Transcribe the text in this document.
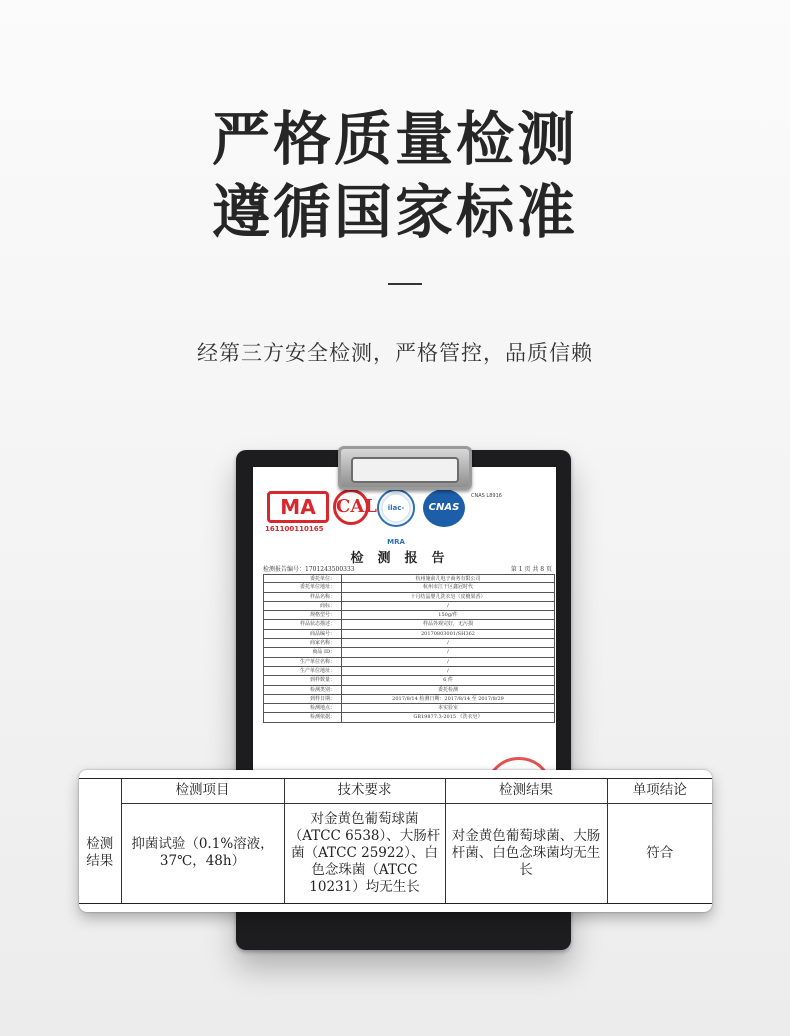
严格质量检测
遵循国家标准
经第三方安全检测，严格管控，品质信赖
MA	CAL
161100110165
ilac-MRA
CNAS
CNAS L8916
检测报告
检测报告编号：1701243500333	第 1 页 共 8 页
委托单位：	杭州施俞儿电子商务有限公司
委托单位地址：	杭州市江干区鑫冠时代
样品名称：	十月结晶婴儿洗衣皂（皮檀果香）
商标：	/
规格型号：	150g/件
样品状态描述：	样品外观完好，无污损
商品编号：	20170803001/SH362
商家名称：	/
商品 ID：	/
生产单位名称：	/
生产单位地址：	/
到样数量：	6 件
检测类别：	委托检测
到样日期：	2017/8/14 检测日期：2017/8/14 至 2017/8/29
检测地点：	本实验室
检测依据：	GB19877.3-2015 《洗衣皂》
	检测项目	技术要求	检测结果	单项结论
检测结果	抑菌试验（0.1%溶液，37℃，48h）	对金黄色葡萄球菌（ATCC 6538）、大肠杆菌（ATCC 25922）、白色念珠菌（ATCC 10231）均无生长	对金黄色葡萄球菌、大肠杆菌、白色念珠菌均无生长	符合
